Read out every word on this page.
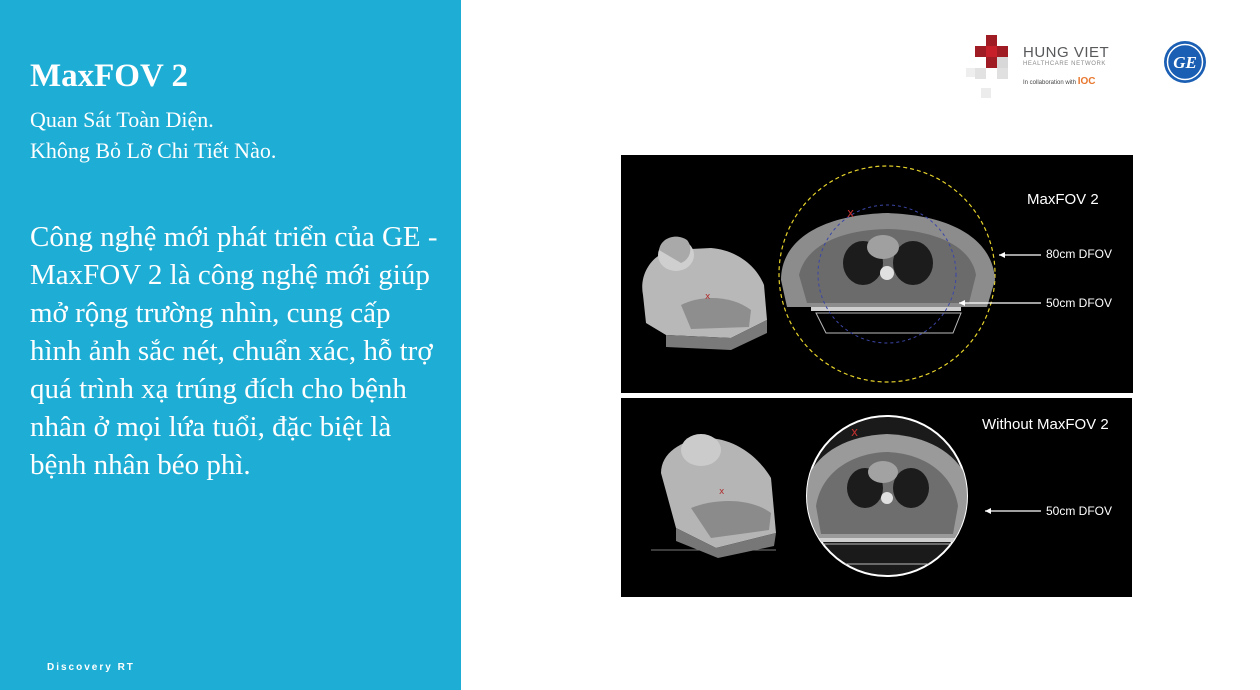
MaxFOV 2
Quan Sát Toàn Diện.
Không Bỏ Lỡ Chi Tiết Nào.
Công nghệ mới phát triển của GE - MaxFOV 2 là công nghệ mới giúp mở rộng trường nhìn, cung cấp hình ảnh sắc nét, chuẩn xác, hỗ trợ quá trình xạ trúng đích cho bệnh nhân ở mọi lứa tuổi, đặc biệt là bệnh nhân béo phì.
Discovery RT
HUNG VIET
HEALTHCARE NETWORK
In collaboration with IOC
GE
x
x
MaxFOV 2
80cm DFOV
50cm DFOV
x
x	Without MaxFOV 2
50cm DFOV
